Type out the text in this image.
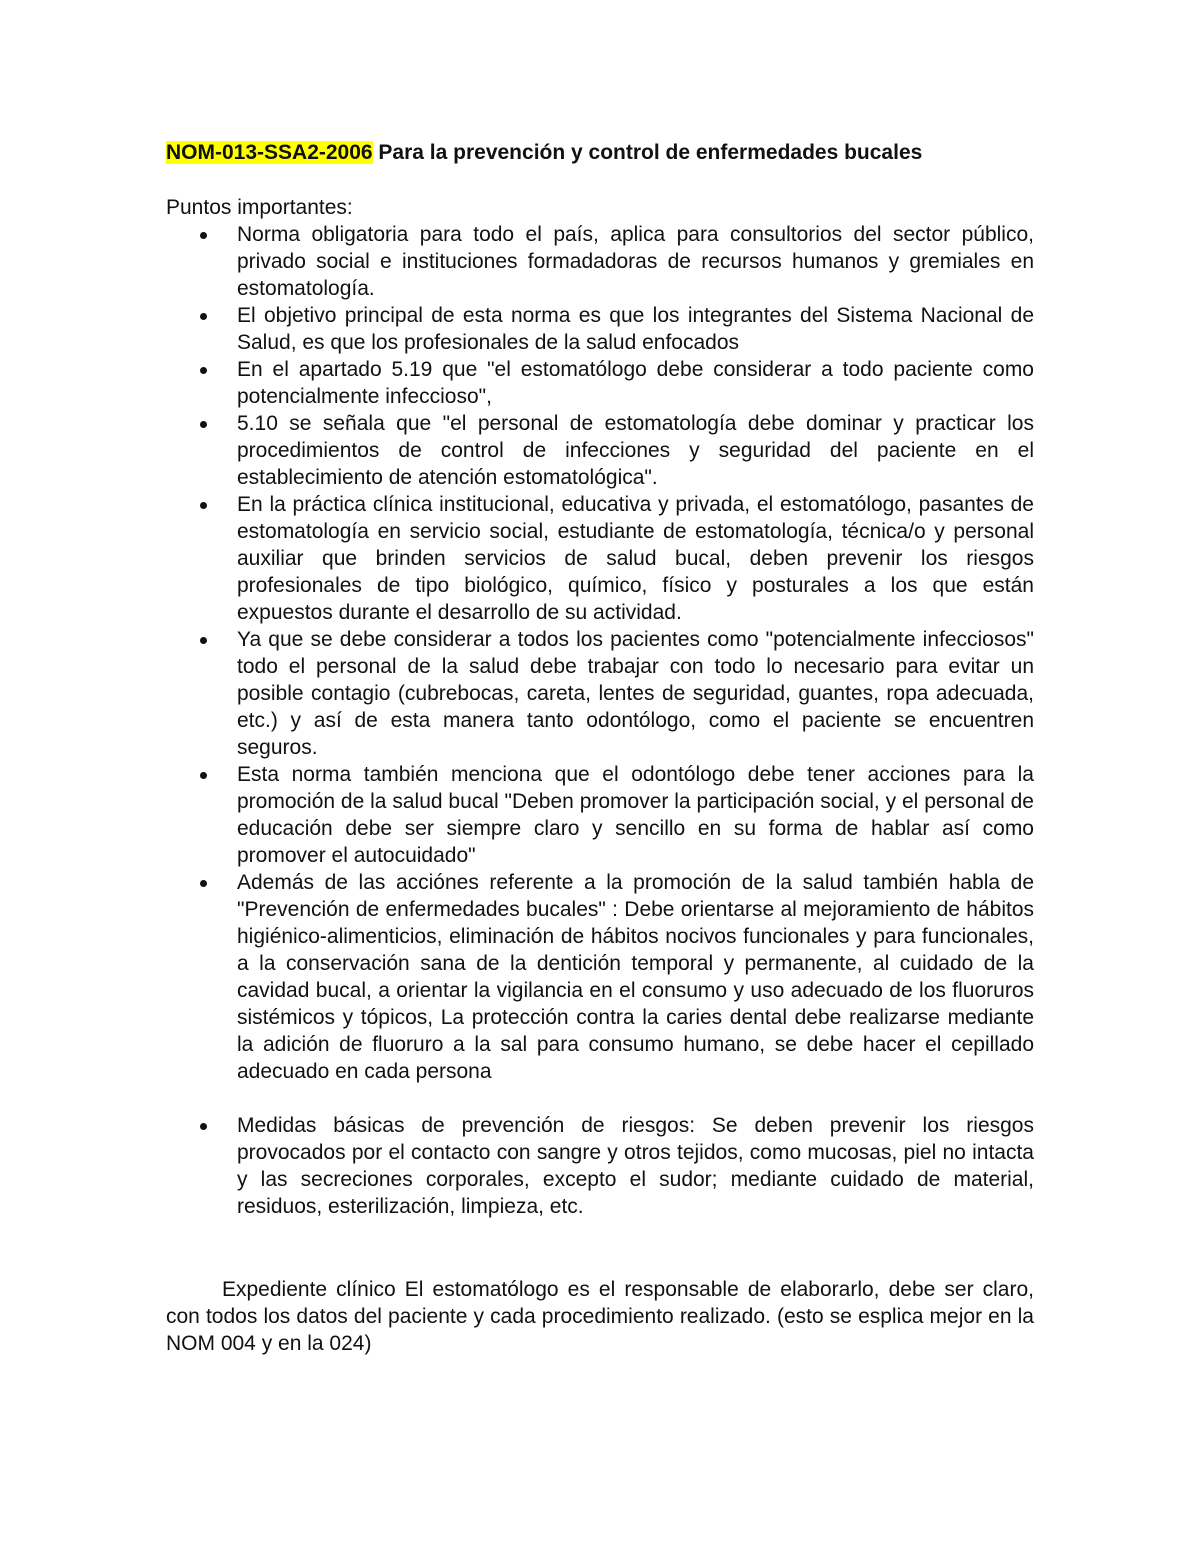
NOM-013-SSA2-2006 Para la prevención y control de enfermedades bucales

Puntos importantes:

Norma obligatoria para todo el país, aplica para consultorios del sector público, privado social e instituciones formadadoras de recursos humanos y gremiales en estomatología.
El objetivo principal de esta norma es que los integrantes del Sistema Nacional de Salud, es que los profesionales de la salud enfocados
En el apartado 5.19 que "el estomatólogo debe considerar a todo paciente como potencialmente infeccioso",
5.10 se señala que "el personal de estomatología debe dominar y practicar los procedimientos de control de infecciones y seguridad del paciente en el establecimiento de atención estomatológica".
En la práctica clínica institucional, educativa y privada, el estomatólogo, pasantes de estomatología en servicio social, estudiante de estomatología, técnica/o y personal auxiliar que brinden servicios de salud bucal, deben prevenir los riesgos profesionales de tipo biológico, químico, físico y posturales a los que están expuestos durante el desarrollo de su actividad.
Ya que se debe considerar a todos los pacientes como "potencialmente infecciosos" todo el personal de la salud debe trabajar con todo lo necesario para evitar un posible contagio (cubrebocas, careta, lentes de seguridad, guantes, ropa adecuada, etc.) y así de esta manera tanto odontólogo, como el paciente se encuentren seguros.
Esta norma también menciona que el odontólogo debe tener acciones para la promoción de la salud bucal "Deben promover la participación social, y el personal de educación debe ser siempre claro y sencillo en su forma de hablar así como promover el autocuidado"
Además de las acciónes referente a la promoción de la salud también habla de "Prevención de enfermedades bucales" : Debe orientarse al mejoramiento de hábitos higiénico-alimenticios, eliminación de hábitos nocivos funcionales y para funcionales, a la conservación sana de la dentición temporal y permanente, al cuidado de la cavidad bucal, a orientar la vigilancia en el consumo y uso adecuado de los fluoruros sistémicos y tópicos, La protección contra la caries dental debe realizarse mediante la adición de fluoruro a la sal para consumo humano, se debe hacer el cepillado adecuado en cada persona
Medidas básicas de prevención de riesgos: Se deben prevenir los riesgos provocados por el contacto con sangre y otros tejidos, como mucosas, piel no intacta y las secreciones corporales, excepto el sudor; mediante cuidado de material, residuos, esterilización, limpieza, etc.

Expediente clínico El estomatólogo es el responsable de elaborarlo, debe ser claro, con todos los datos del paciente y cada procedimiento realizado. (esto se esplica mejor en la NOM 004 y en la 024)
